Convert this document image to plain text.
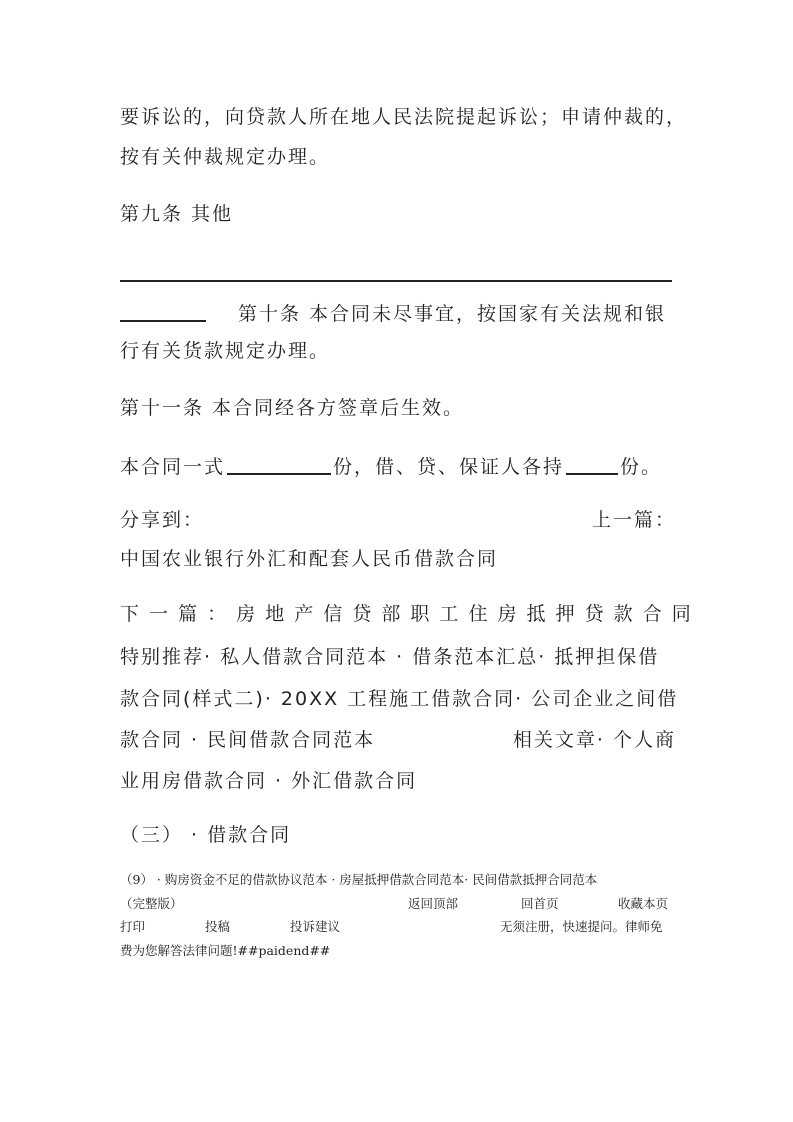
要诉讼的，向贷款人所在地人民法院提起诉讼；申请仲裁的，
按有关仲裁规定办理。
第九条 其他
第十条 本合同未尽事宜，按国家有关法规和银
行有关货款规定办理。
第十一条 本合同经各方签章后生效。
本合同一式	份，借、贷、保证人各持	份。
分享到：	上一篇：
中国农业银行外汇和配套人民币借款合同
下 一 篇 ： 房 地 产 信 贷 部 职 工 住 房 抵 押 贷 款 合 同
特别推荐· 私人借款合同范本 · 借条范本汇总· 抵押担保借
款合同(样式二)· 20XX 工程施工借款合同· 公司企业之间借
款合同 · 民间借款合同范本	相关文章· 个人商
业用房借款合同 · 外汇借款合同
（三） · 借款合同
（9） · 购房资金不足的借款协议范本 · 房屋抵押借款合同范本· 民间借款抵押合同范本
（完整版）	返回顶部	回首页	收藏本页
打印	投稿	投诉建议	无须注册，快速提问。律师免
费为您解答法律问题!##paidend##
